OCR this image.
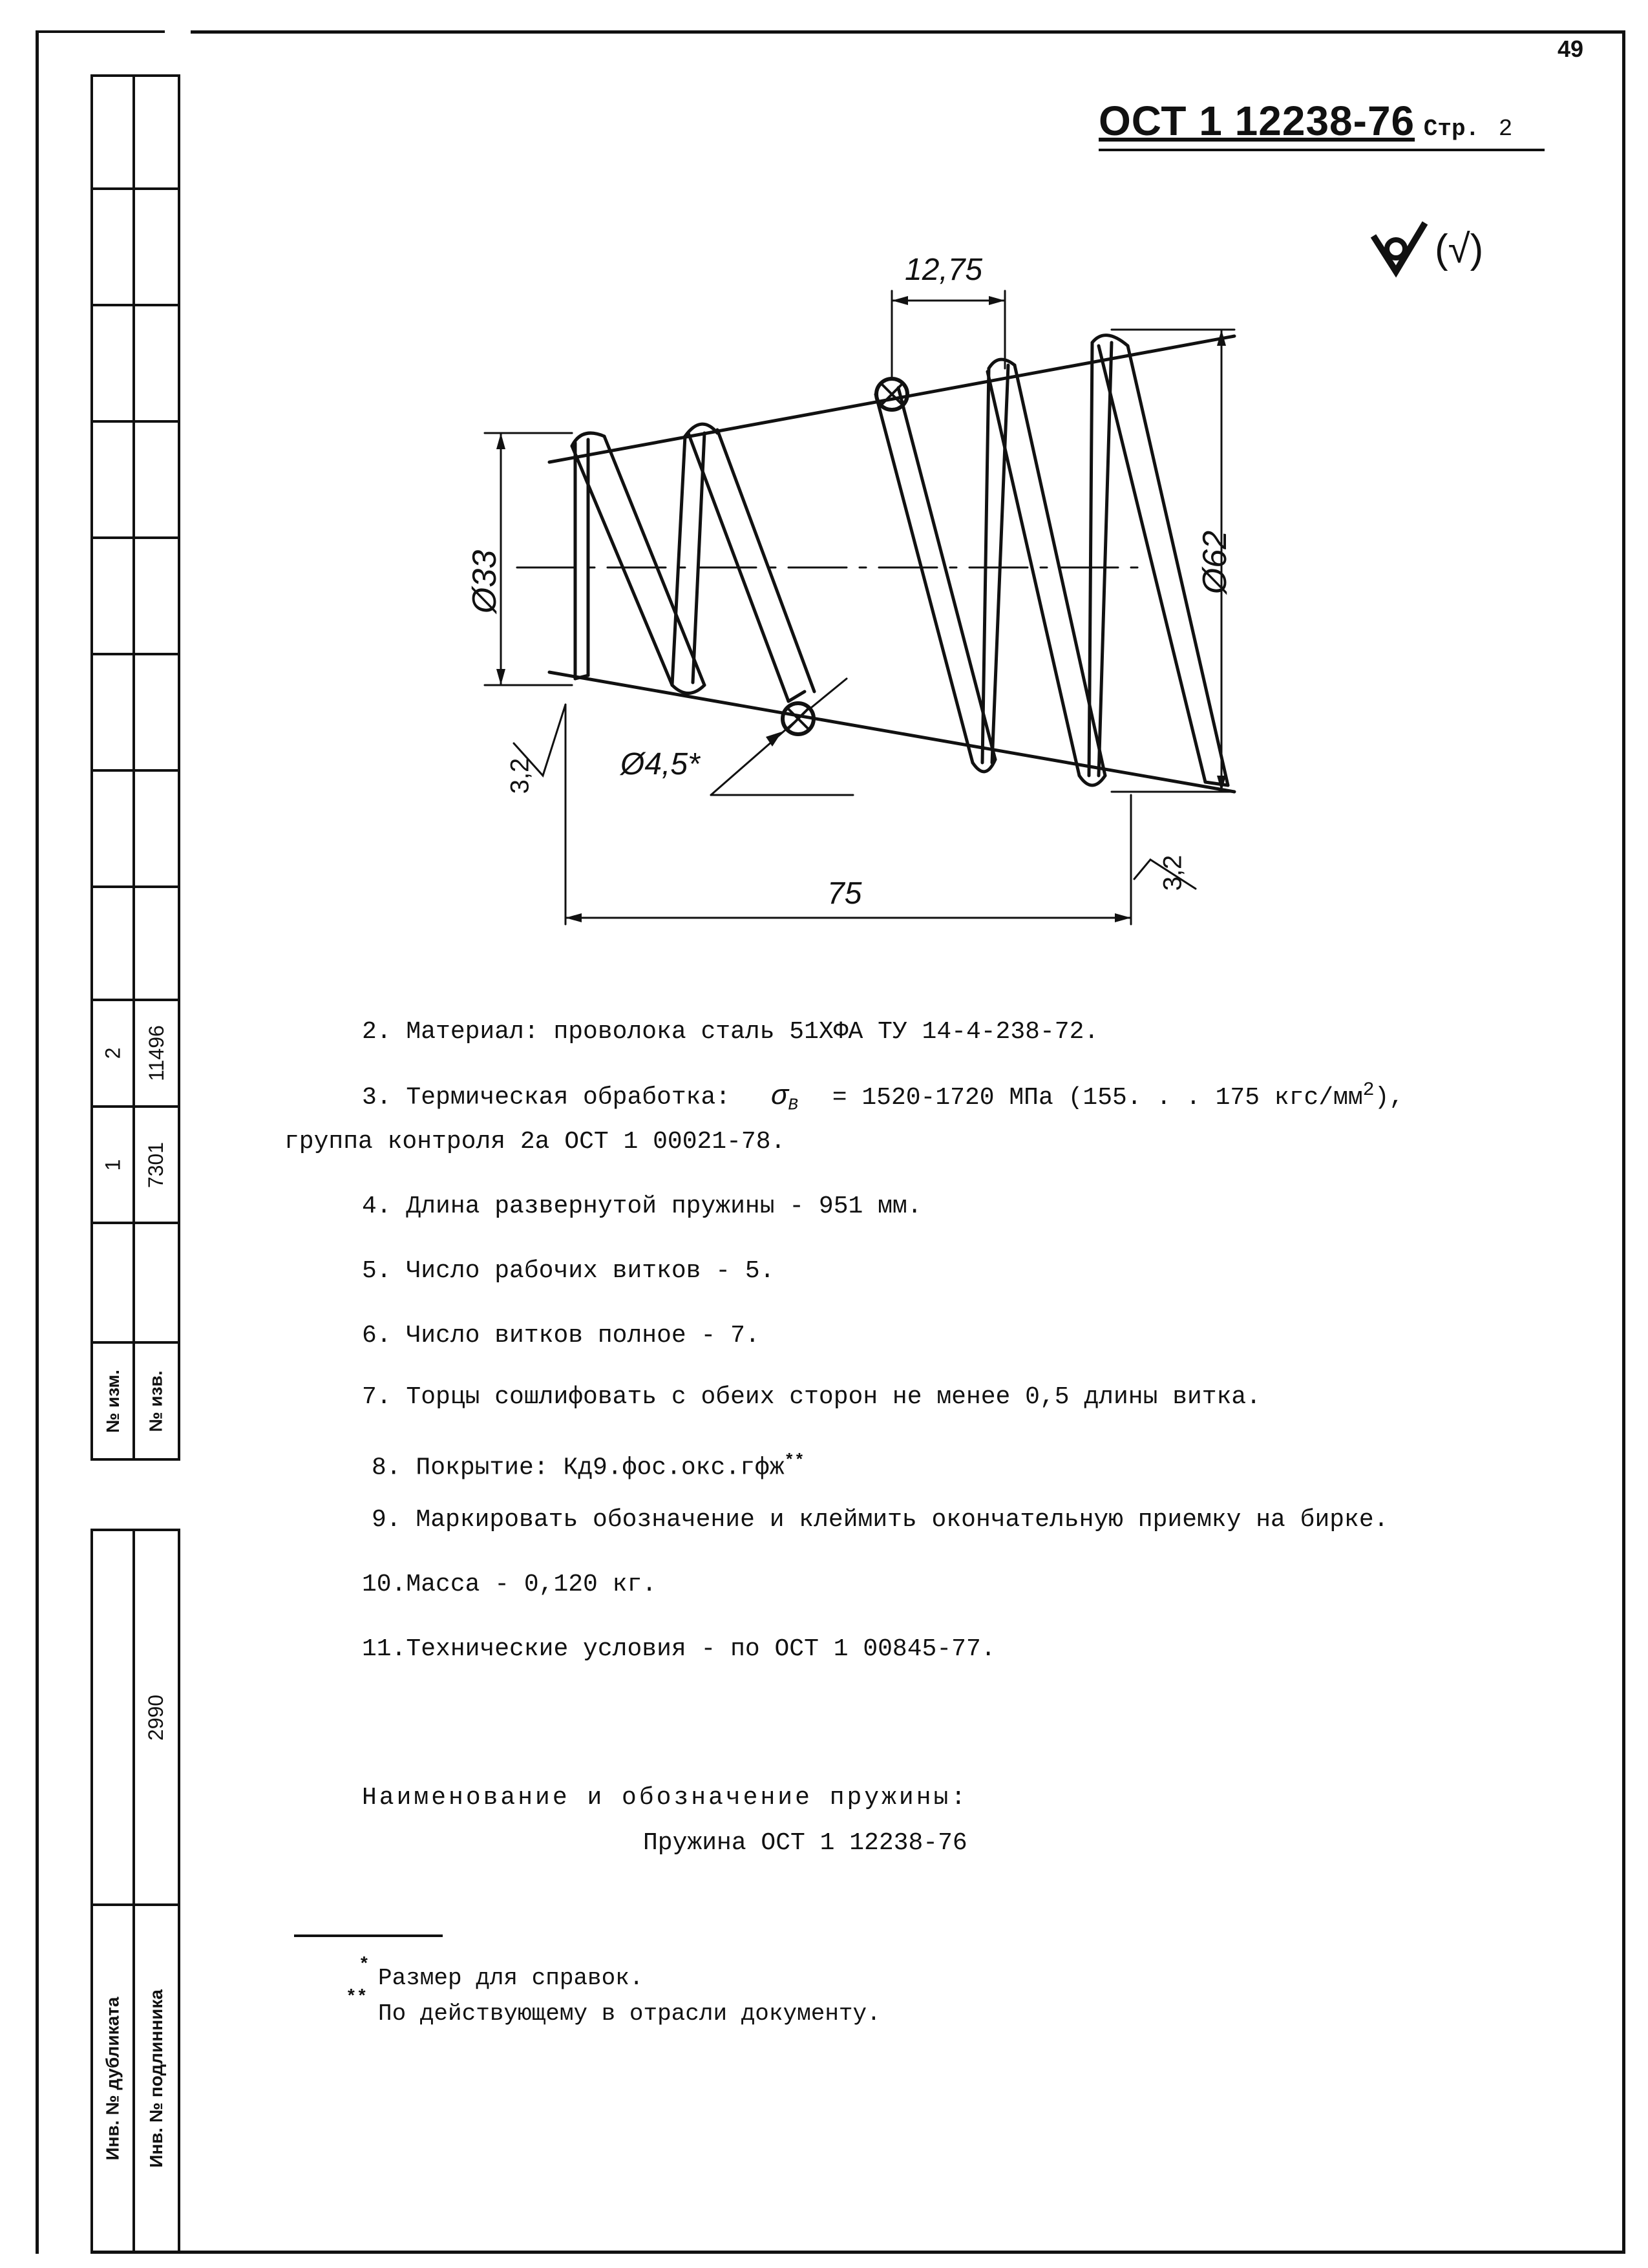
49
1 7301
2 11496
№ изм. № изв.
2990
Инв. № дубликата Инв. № подлинника
ОСТ 1 12238-76 Стр. 2
(√)
12,75
Ø33	Ø62
Ø4,5*
75
3,2
3,2
2. Материал: проволока сталь 51ХФА ТУ 14-4-238-72.
3. Термическая обработка: $\sigma_В = 1520-1720$ МПа (155. . . 175 кгс/$мм^2$),
группа контроля 2а ОСТ 1 00021-78.
4. Длина развернутой пружины - 951 мм.
5. Число рабочих витков - 5.
6. Число витков полное - 7.
7. Торцы сошлифовать с обеих сторон не менее 0,5 длины витка.
8. Покрытие: Кд9.фос.окс.гфж**
9. Маркировать обозначение и клеймить окончательную приемку на бирке.
10.Масса - 0,120 кг.
11.Технические условия - по ОСТ 1 00845-77.
Наименование и обозначение пружины:
Пружина ОСТ 1 12238-76
* Размер для справок.
**
По действующему в отрасли документу.
